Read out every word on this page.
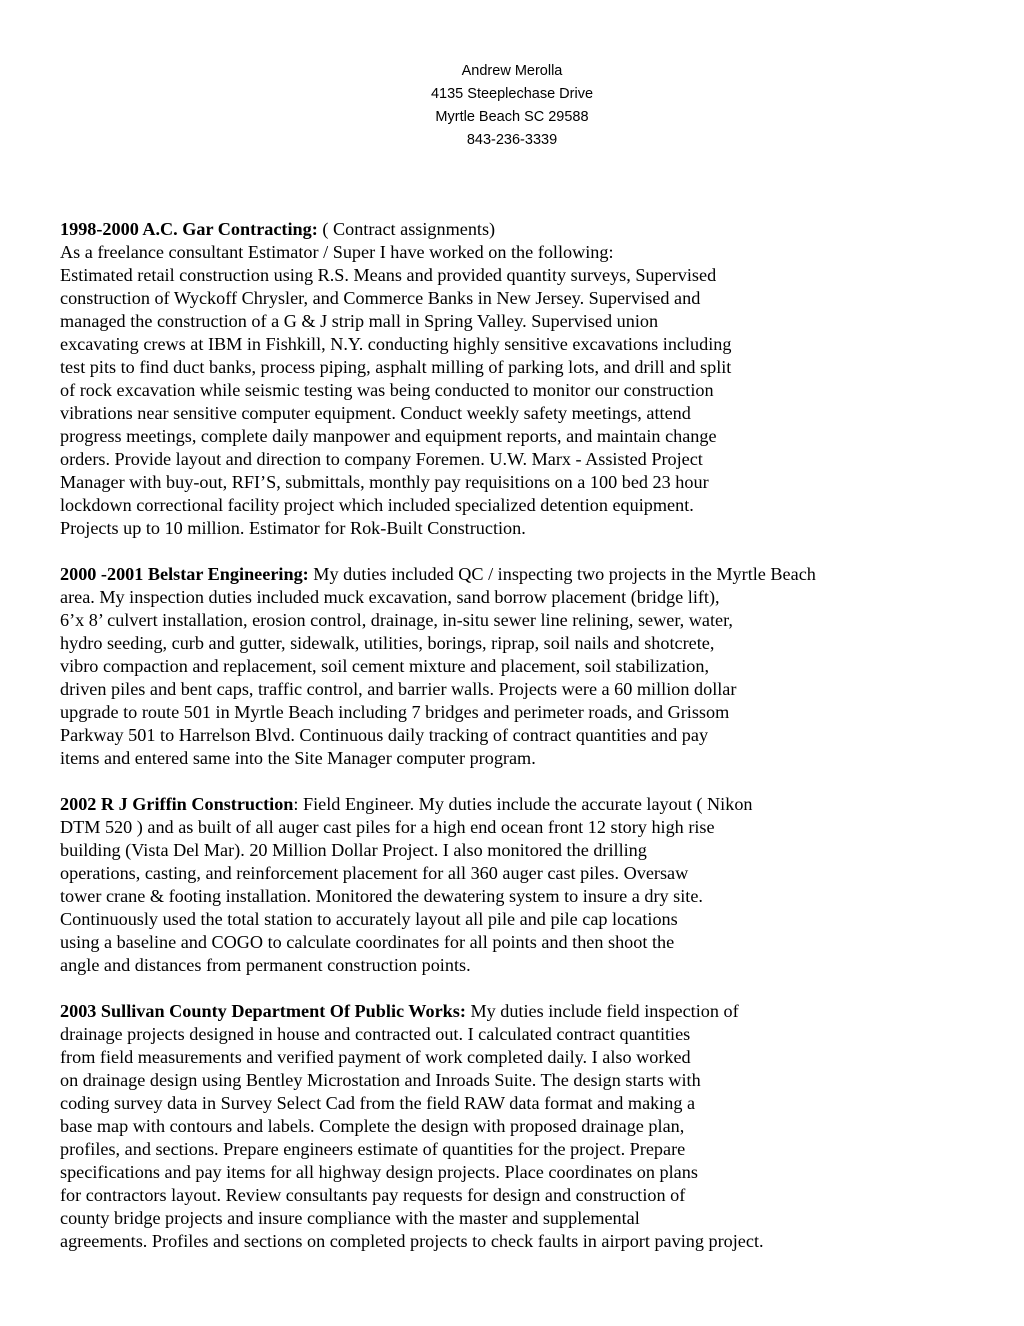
Andrew Merolla
4135 Steeplechase Drive
Myrtle Beach SC 29588
843-236-3339
1998-2000 A.C. Gar Contracting: ( Contract assignments)
As a freelance consultant Estimator / Super I have worked on the following:
Estimated retail construction using R.S. Means and provided quantity surveys, Supervised
construction of Wyckoff Chrysler, and Commerce Banks in New Jersey. Supervised and
managed the construction of a G & J strip mall in Spring Valley. Supervised union
excavating crews at IBM in Fishkill, N.Y. conducting highly sensitive excavations including
test pits to find duct banks, process piping, asphalt milling of parking lots, and drill and split
of rock excavation while seismic testing was being conducted to monitor our construction
vibrations near sensitive computer equipment. Conduct weekly safety meetings, attend
progress meetings, complete daily manpower and equipment reports, and maintain change
orders. Provide layout and direction to company Foremen. U.W. Marx - Assisted Project
Manager with buy-out, RFI’S, submittals, monthly pay requisitions on a 100 bed 23 hour
lockdown correctional facility project which included specialized detention equipment.
Projects up to 10 million. Estimator for Rok-Built Construction.
2000 -2001 Belstar Engineering: My duties included QC / inspecting two projects in the Myrtle Beach
area. My inspection duties included muck excavation, sand borrow placement (bridge lift),
6’x 8’ culvert installation, erosion control, drainage, in-situ sewer line relining, sewer, water,
hydro seeding, curb and gutter, sidewalk, utilities, borings, riprap, soil nails and shotcrete,
vibro compaction and replacement, soil cement mixture and placement, soil stabilization,
driven piles and bent caps, traffic control, and barrier walls. Projects were a 60 million dollar
upgrade to route 501 in Myrtle Beach including 7 bridges and perimeter roads, and Grissom
Parkway 501 to Harrelson Blvd. Continuous daily tracking of contract quantities and pay
items and entered same into the Site Manager computer program.
2002 R J Griffin Construction: Field Engineer. My duties include the accurate layout ( Nikon
DTM 520 ) and as built of all auger cast piles for a high end ocean front 12 story high rise
building (Vista Del Mar). 20 Million Dollar Project. I also monitored the drilling
operations, casting, and reinforcement placement for all 360 auger cast piles. Oversaw
tower crane & footing installation. Monitored the dewatering system to insure a dry site.
Continuously used the total station to accurately layout all pile and pile cap locations
using a baseline and COGO to calculate coordinates for all points and then shoot the
angle and distances from permanent construction points.
2003 Sullivan County Department Of Public Works: My duties include field inspection of
drainage projects designed in house and contracted out. I calculated contract quantities
from field measurements and verified payment of work completed daily. I also worked
on drainage design using Bentley Microstation and Inroads Suite. The design starts with
coding survey data in Survey Select Cad from the field RAW data format and making a
base map with contours and labels. Complete the design with proposed drainage plan,
profiles, and sections. Prepare engineers estimate of quantities for the project. Prepare
specifications and pay items for all highway design projects. Place coordinates on plans
for contractors layout. Review consultants pay requests for design and construction of
county bridge projects and insure compliance with the master and supplemental
agreements. Profiles and sections on completed projects to check faults in airport paving project.
